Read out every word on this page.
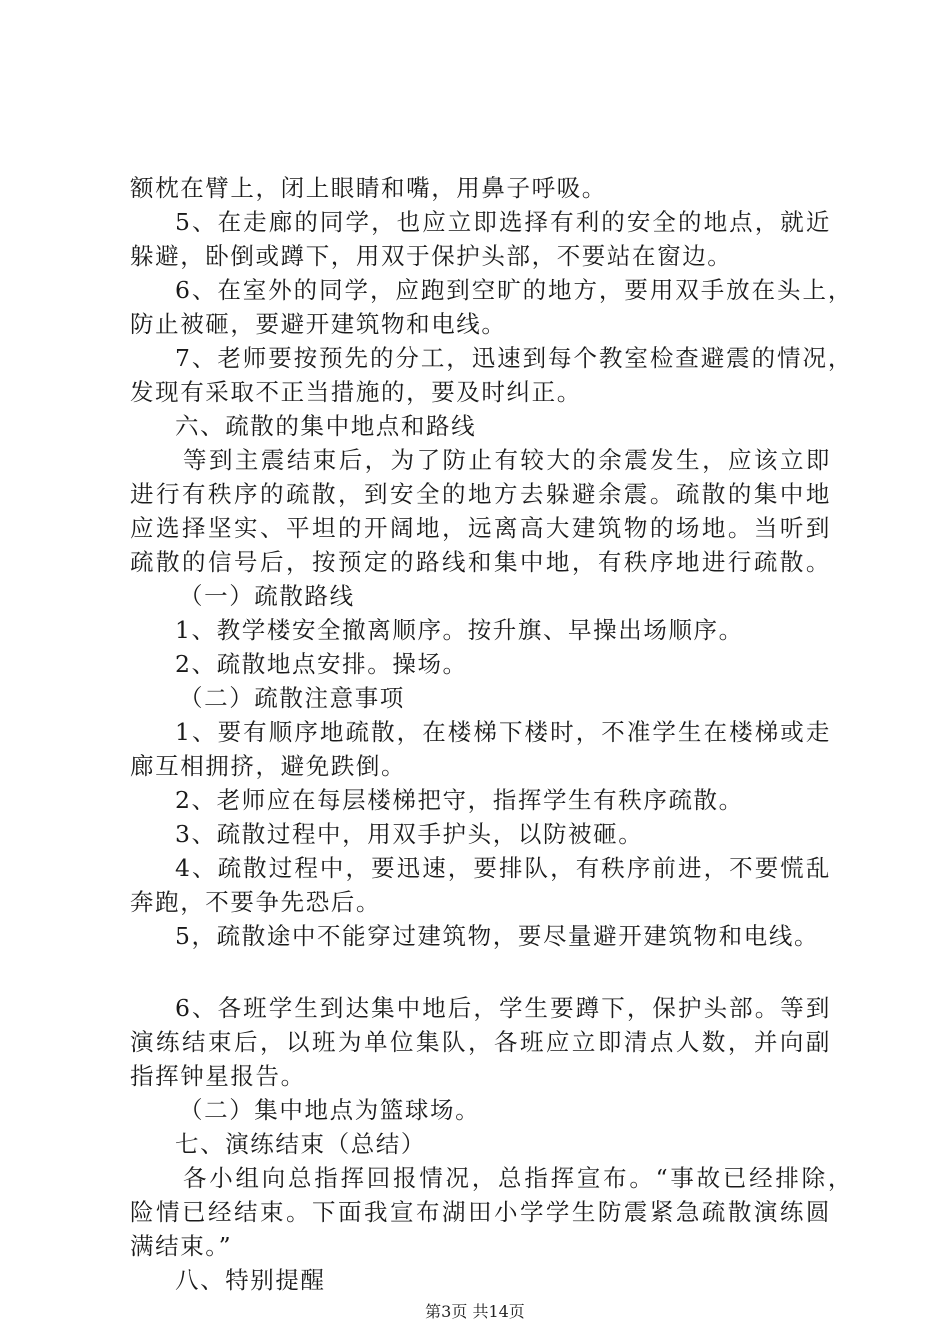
额枕在臂上，闭上眼睛和嘴，用鼻子呼吸。
5、在走廊的同学，也应立即选择有利的安全的地点，就近
躲避，卧倒或蹲下，用双于保护头部，不要站在窗边。
6、在室外的同学，应跑到空旷的地方，要用双手放在头上，
防止被砸，要避开建筑物和电线。
7、老师要按预先的分工，迅速到每个教室检查避震的情况，
发现有采取不正当措施的，要及时纠正。
六、疏散的集中地点和路线
等到主震结束后，为了防止有较大的余震发生，应该立即
进行有秩序的疏散，到安全的地方去躲避余震。疏散的集中地
应选择坚实、平坦的开阔地，远离高大建筑物的场地。当听到
疏散的信号后，按预定的路线和集中地，有秩序地进行疏散。
（一）疏散路线
1、教学楼安全撤离顺序。按升旗、早操出场顺序。
2、疏散地点安排。操场。
（二）疏散注意事项
1、要有顺序地疏散，在楼梯下楼时，不准学生在楼梯或走
廊互相拥挤，避免跌倒。
2、老师应在每层楼梯把守，指挥学生有秩序疏散。
3、疏散过程中，用双手护头，以防被砸。
4、疏散过程中，要迅速，要排队，有秩序前进，不要慌乱
奔跑，不要争先恐后。
5，疏散途中不能穿过建筑物，要尽量避开建筑物和电线。
6、各班学生到达集中地后，学生要蹲下，保护头部。等到
演练结束后，以班为单位集队，各班应立即清点人数，并向副
指挥钟星报告。
（二）集中地点为篮球场。
七、演练结束（总结）
各小组向总指挥回报情况，总指挥宣布。“事故已经排除，
险情已经结束。下面我宣布湖田小学学生防震紧急疏散演练圆
满结束。”
八、特别提醒
第3页 共14页
